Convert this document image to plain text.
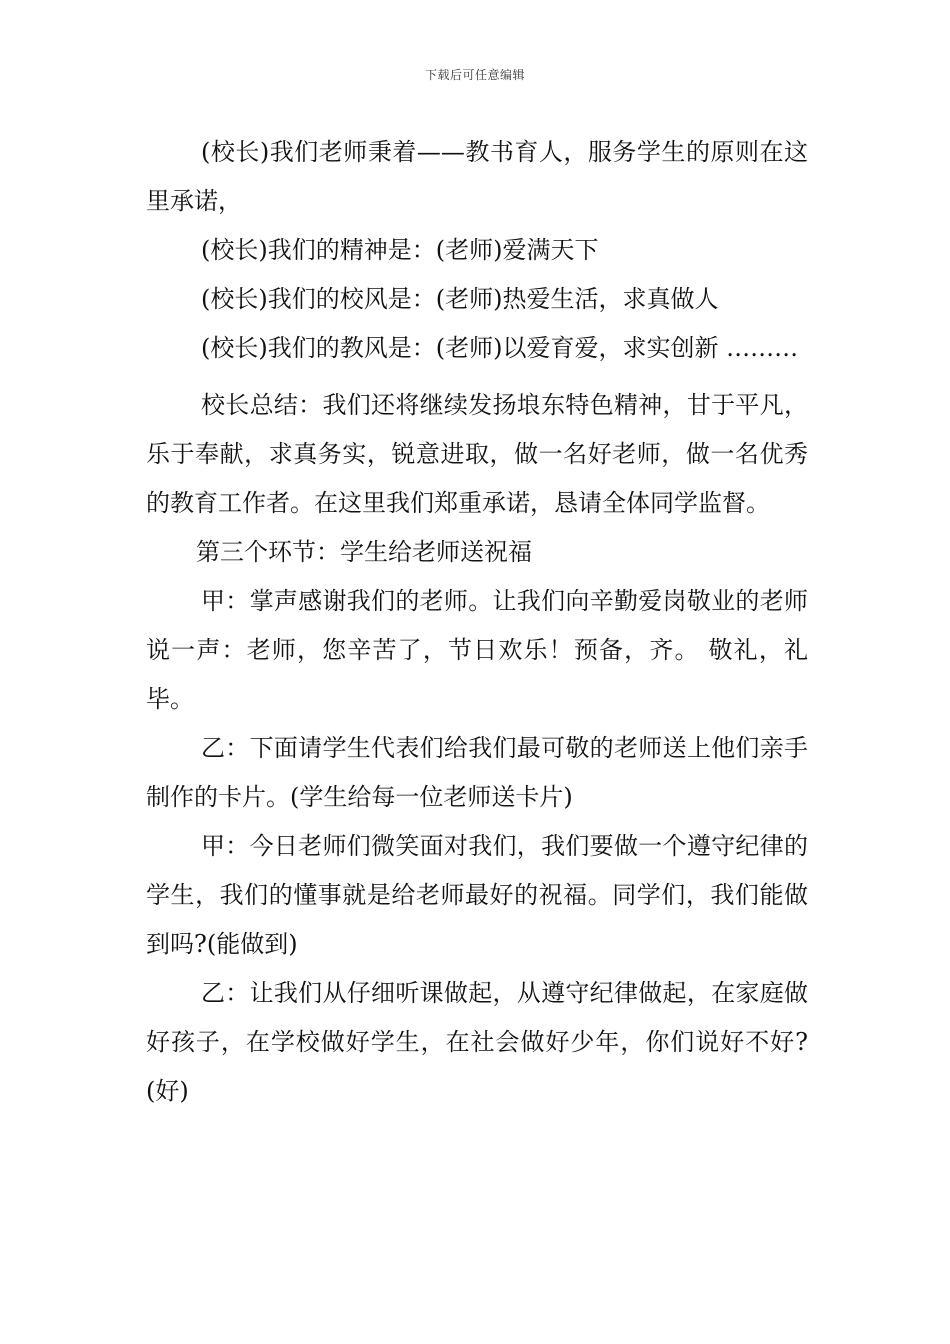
下载后可任意编辑

(校长)我们老师秉着——教书育人，服务学生的原则在这里承诺，

(校长)我们的精神是：(老师)爱满天下

(校长)我们的校风是：(老师)热爱生活，求真做人

(校长)我们的教风是：(老师)以爱育爱，求实创新 ………

校长总结：我们还将继续发扬埌东特色精神，甘于平凡，乐于奉献，求真务实，锐意进取，做一名好老师，做一名优秀的教育工作者。在这里我们郑重承诺，恳请全体同学监督。

第三个环节：学生给老师送祝福

甲：掌声感谢我们的老师。让我们向辛勤爱岗敬业的老师说一声：老师，您辛苦了，节日欢乐！预备，齐。 敬礼，礼毕。

乙：下面请学生代表们给我们最可敬的老师送上他们亲手制作的卡片。(学生给每一位老师送卡片)

甲：今日老师们微笑面对我们，我们要做一个遵守纪律的学生，我们的懂事就是给老师最好的祝福。同学们，我们能做到吗?(能做到)

乙：让我们从仔细听课做起，从遵守纪律做起，在家庭做好孩子，在学校做好学生，在社会做好少年，你们说好不好?(好)
